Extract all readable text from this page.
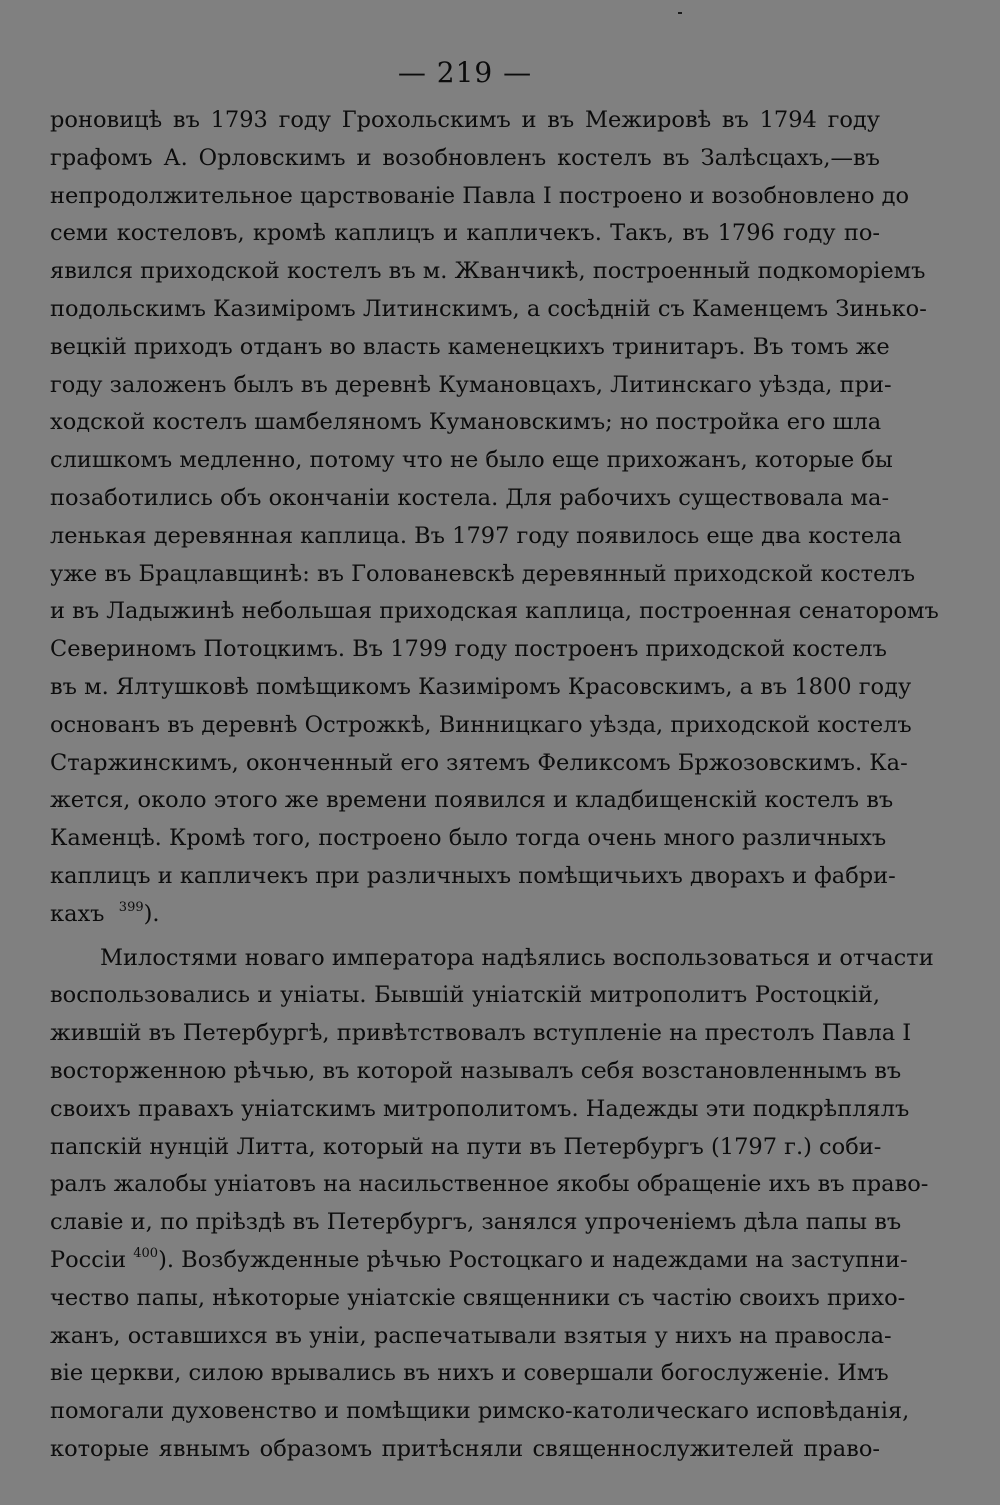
— 219 —
роновицѣ въ 1793 году Грохольскимъ и въ Межировѣ въ 1794 году
графомъ А. Орловскимъ и возобновленъ костелъ въ Залѣсцахъ,—въ
непродолжительное царствованіе Павла I построено и возобновлено до
семи костеловъ, кромѣ каплицъ и капличекъ. Такъ, въ 1796 году по-
явился приходской костелъ въ м. Жванчикѣ, построенный подкоморіемъ
подольскимъ Казиміромъ Литинскимъ, а сосѣдній съ Каменцемъ Зинько-
вецкій приходъ отданъ во власть каменецкихъ тринитаръ. Въ томъ же
году заложенъ былъ въ деревнѣ Кумановцахъ, Литинскаго уѣзда, при-
ходской костелъ шамбеляномъ Кумановскимъ; но постройка его шла
слишкомъ медленно, потому что не было еще прихожанъ, которые бы
позаботились объ окончаніи костела. Для рабочихъ существовала ма-
ленькая деревянная каплица. Въ 1797 году появилось еще два костела
уже въ Брацлавщинѣ: въ Голованевскѣ деревянный приходской костелъ
и въ Ладыжинѣ небольшая приходская каплица, построенная сенаторомъ
Севериномъ Потоцкимъ. Въ 1799 году построенъ приходской костелъ
въ м. Ялтушковѣ помѣщикомъ Казиміромъ Красовскимъ, а въ 1800 году
основанъ въ деревнѣ Острожкѣ, Винницкаго уѣзда, приходской костелъ
Старжинскимъ, оконченный его зятемъ Феликсомъ Бржозовскимъ. Ка-
жется, около этого же времени появился и кладбищенскій костелъ въ
Каменцѣ. Кромѣ того, построено было тогда очень много различныхъ
каплицъ и капличекъ при различныхъ помѣщичьихъ дворахъ и фабри-
кахъ $^{399}$).
Милостями новаго императора надѣялись воспользоваться и отчасти
воспользовались и уніаты. Бывшій уніатскій митрополитъ Ростоцкій,
жившій въ Петербургѣ, привѣтствовалъ вступленіе на престолъ Павла I
восторженною рѣчью, въ которой называлъ себя возстановленнымъ въ
своихъ правахъ уніатскимъ митрополитомъ. Надежды эти подкрѣплялъ
папскій нунцій Литта, который на пути въ Петербургъ (1797 г.) соби-
ралъ жалобы уніатовъ на насильственное якобы обращеніе ихъ въ право-
славіе и, по пріѣздѣ въ Петербургъ, занялся упроченіемъ дѣла папы въ
Россіи $^{400}$). Возбужденные рѣчью Ростоцкаго и надеждами на заступни-
чество папы, нѣкоторые уніатскіе священники съ частію своихъ прихо-
жанъ, оставшихся въ уніи, распечатывали взятыя у нихъ на правосла-
віе церкви, силою врывались въ нихъ и совершали богослуженіе. Имъ
помогали духовенство и помѣщики римско-католическаго исповѣданія,
которые явнымъ образомъ притѣсняли священнослужителей право-
